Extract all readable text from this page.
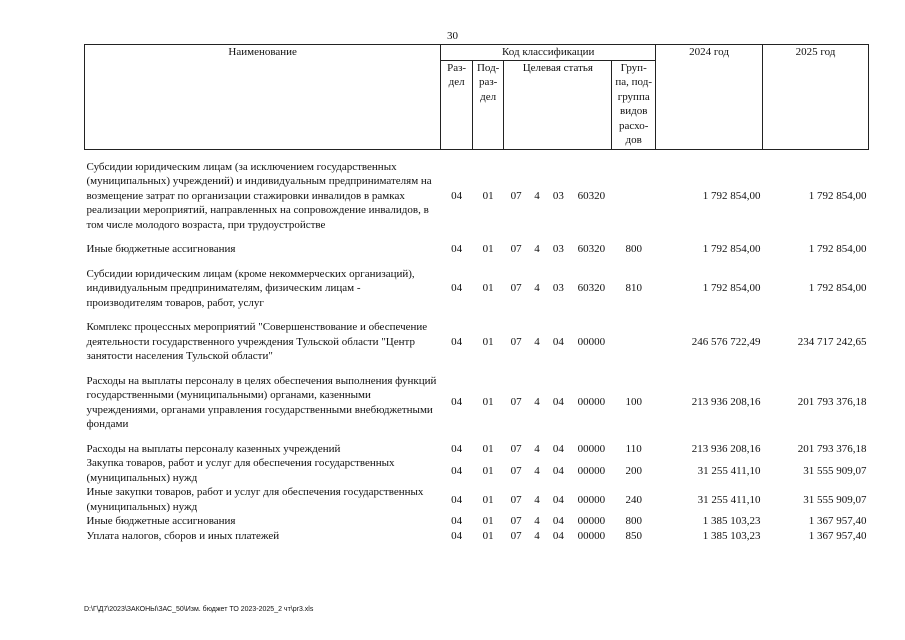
30
Наименование	Код классификации							2024 год	2025 год
	Раз-дел	Под-раз-дел	Целевая статья				Груп-па, под-группа видов расхо-дов		

Субсидии юридическим лицам (за исключением государственных (муниципальных) учреждений) и индивидуальным предпринимателям на возмещение затрат по организации стажировки инвалидов в рамках реализации мероприятий, направленных на сопровождение инвалидов, в том числе молодого возраста, при трудоустройстве	04	01	07	4	03	60320		1 792 854,00	1 792 854,00

Иные бюджетные ассигнования	04	01	07	4	03	60320	800	1 792 854,00	1 792 854,00

Субсидии юридическим лицам (кроме некоммерческих организаций), индивидуальным предпринимателям, физическим лицам - производителям товаров, работ, услуг	04	01	07	4	03	60320	810	1 792 854,00	1 792 854,00

Комплекс процессных мероприятий "Совершенствование и обеспечение деятельности государственного учреждения Тульской области "Центр занятости населения Тульской области"	04	01	07	4	04	00000		246 576 722,49	234 717 242,65

Расходы на выплаты персоналу в целях обеспечения выполнения функций государственными (муниципальными) органами, казенными учреждениями, органами управления государственными внебюджетными фондами	04	01	07	4	04	00000	100	213 936 208,16	201 793 376,18

Расходы на выплаты персоналу казенных учреждений	04	01	07	4	04	00000	110	213 936 208,16	201 793 376,18
Закупка товаров, работ и услуг для обеспечения государственных (муниципальных) нужд	04	01	07	4	04	00000	200	31 255 411,10	31 555 909,07
Иные закупки товаров, работ и услуг для обеспечения государственных (муниципальных) нужд	04	01	07	4	04	00000	240	31 255 411,10	31 555 909,07
Иные бюджетные ассигнования	04	01	07	4	04	00000	800	1 385 103,23	1 367 957,40
Уплата налогов, сборов и иных платежей	04	01	07	4	04	00000	850	1 385 103,23	1 367 957,40
D:\Г\Д7\2023\ЗАКОНЫ\ЗАС_50\Изм. бюджет ТО 2023-2025_2 чт\pr3.xls
